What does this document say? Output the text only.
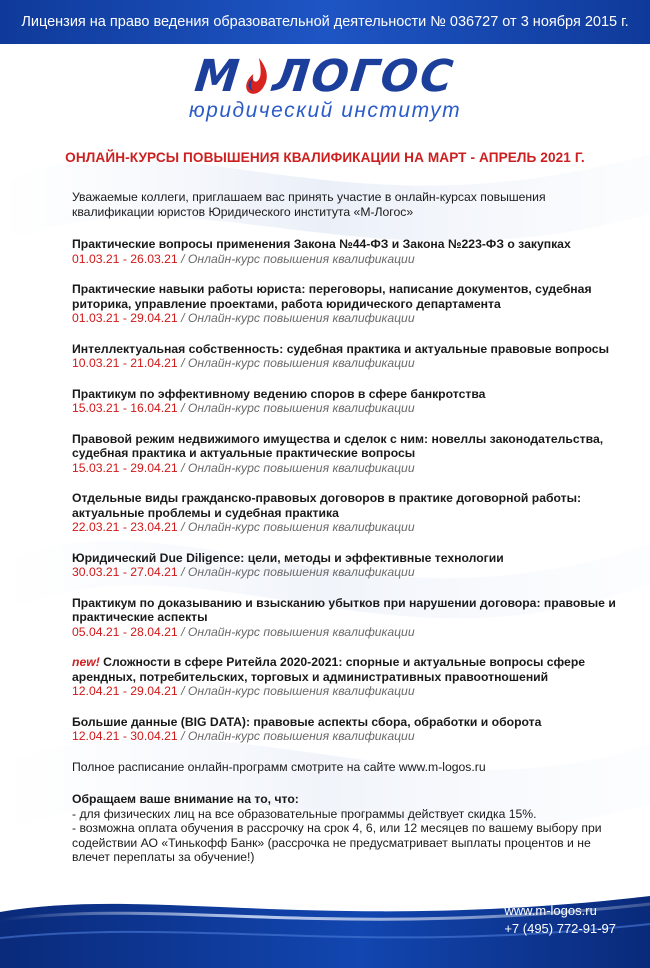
Лицензия на право ведения образовательной деятельности № 036727 от 3 ноября 2015 г.
М ЛОГОС
юридический институт
ОНЛАЙН-КУРСЫ ПОВЫШЕНИЯ КВАЛИФИКАЦИИ НА МАРТ - АПРЕЛЬ 2021 Г.
Уважаемые коллеги, приглашаем вас принять участие в онлайн-курсах повышения квалификации юристов Юридического института «М-Логос»
Практические вопросы применения Закона №44-ФЗ и Закона №223-ФЗ о закупках
01.03.21 - 26.03.21 / Онлайн-курс повышения квалификации
Практические навыки работы юриста: переговоры, написание документов, судебная риторика, управление проектами, работа юридического департамента
01.03.21 - 29.04.21 / Онлайн-курс повышения квалификации
Интеллектуальная собственность: судебная практика и актуальные правовые вопросы
10.03.21 - 21.04.21 / Онлайн-курс повышения квалификации
Практикум по эффективному ведению споров в сфере банкротства
15.03.21 - 16.04.21 / Онлайн-курс повышения квалификации
Правовой режим недвижимого имущества и сделок с ним: новеллы законодательства, судебная практика и актуальные практические вопросы
15.03.21 - 29.04.21 / Онлайн-курс повышения квалификации
Отдельные виды гражданско-правовых договоров в практике договорной работы: актуальные проблемы и судебная практика
22.03.21 - 23.04.21 / Онлайн-курс повышения квалификации
Юридический Due Diligence: цели, методы и эффективные технологии
30.03.21 - 27.04.21 / Онлайн-курс повышения квалификации
Практикум по доказыванию и взысканию убытков при нарушении договора: правовые и практические аспекты
05.04.21 - 28.04.21 / Онлайн-курс повышения квалификации
new! Сложности в сфере Ритейла 2020-2021: спорные и актуальные вопросы сфере арендных, потребительских, торговых и административных правоотношений
12.04.21 - 29.04.21 / Онлайн-курс повышения квалификации
Большие данные (BIG DATA): правовые аспекты сбора, обработки и оборота
12.04.21 - 30.04.21 / Онлайн-курс повышения квалификации
Полное расписание онлайн-программ смотрите на сайте www.m-logos.ru
Обращаем ваше внимание на то, что:
- для физических лиц на все образовательные программы действует скидка 15%.
- возможна оплата обучения в рассрочку на срок 4, 6, или 12 месяцев по вашему выбору при содействии АО «Тинькофф Банк» (рассрочка не предусматривает выплаты процентов и не влечет переплаты за обучение!)
www.m-logos.ru
+7 (495) 772-91-97
